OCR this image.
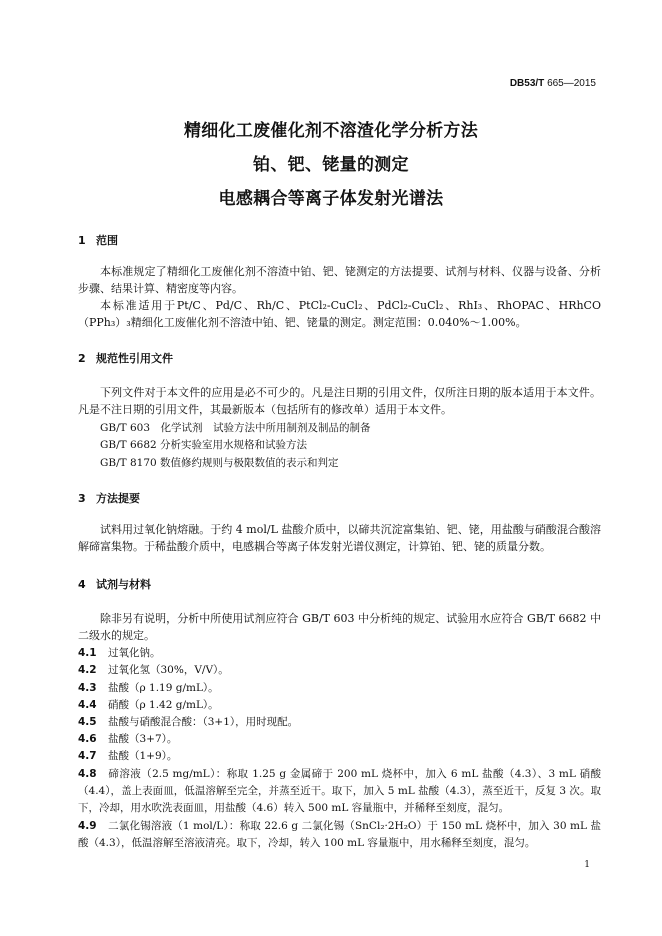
DB53/T 665—2015
精细化工废催化剂不溶渣化学分析方法
铂、钯、铑量的测定
电感耦合等离子体发射光谱法
1 范围
本标准规定了精细化工废催化剂不溶渣中铂、钯、铑测定的方法提要、试剂与材料、仪器与设备、分析步骤、结果计算、精密度等内容。
本标准适用于Pt/C、Pd/C、Rh/C、PtCl₂-CuCl₂、PdCl₂-CuCl₂、RhI₃、RhOPAC、HRhCO（PPh₃）₃精细化工废催化剂不溶渣中铂、钯、铑量的测定。测定范围：0.040%～1.00%。
2 规范性引用文件
下列文件对于本文件的应用是必不可少的。凡是注日期的引用文件，仅所注日期的版本适用于本文件。凡是不注日期的引用文件，其最新版本（包括所有的修改单）适用于本文件。
GB/T 603　化学试剂　试验方法中所用制剂及制品的制备
GB/T 6682 分析实验室用水规格和试验方法
GB/T 8170 数值修约规则与极限数值的表示和判定
3 方法提要
试料用过氧化钠熔融。于约 4 mol/L 盐酸介质中，以碲共沉淀富集铂、钯、铑，用盐酸与硝酸混合酸溶解碲富集物。于稀盐酸介质中，电感耦合等离子体发射光谱仪测定，计算铂、钯、铑的质量分数。
4 试剂与材料
除非另有说明，分析中所使用试剂应符合 GB/T 603 中分析纯的规定、试验用水应符合 GB/T 6682 中二级水的规定。
4.1 过氧化钠。
4.2 过氧化氢（30%，V/V）。
4.3 盐酸（ρ 1.19 g/mL）。
4.4 硝酸（ρ 1.42 g/mL）。
4.5 盐酸与硝酸混合酸：（3+1），用时现配。
4.6 盐酸（3+7）。
4.7 盐酸（1+9）。
4.8 碲溶液（2.5 mg/mL）：称取 1.25 g 金属碲于 200 mL 烧杯中，加入 6 mL 盐酸（4.3）、3 mL 硝酸（4.4），盖上表面皿，低温溶解至完全，并蒸至近干。取下，加入 5 mL 盐酸（4.3），蒸至近干，反复 3 次。取下，冷却，用水吹洗表面皿，用盐酸（4.6）转入 500 mL 容量瓶中，并稀释至刻度，混匀。
4.9 二氯化锡溶液（1 mol/L）：称取 22.6 g 二氯化锡（SnCl₂·2H₂O）于 150 mL 烧杯中，加入 30 mL 盐酸（4.3），低温溶解至溶液清亮。取下，冷却，转入 100 mL 容量瓶中，用水稀释至刻度，混匀。
1
